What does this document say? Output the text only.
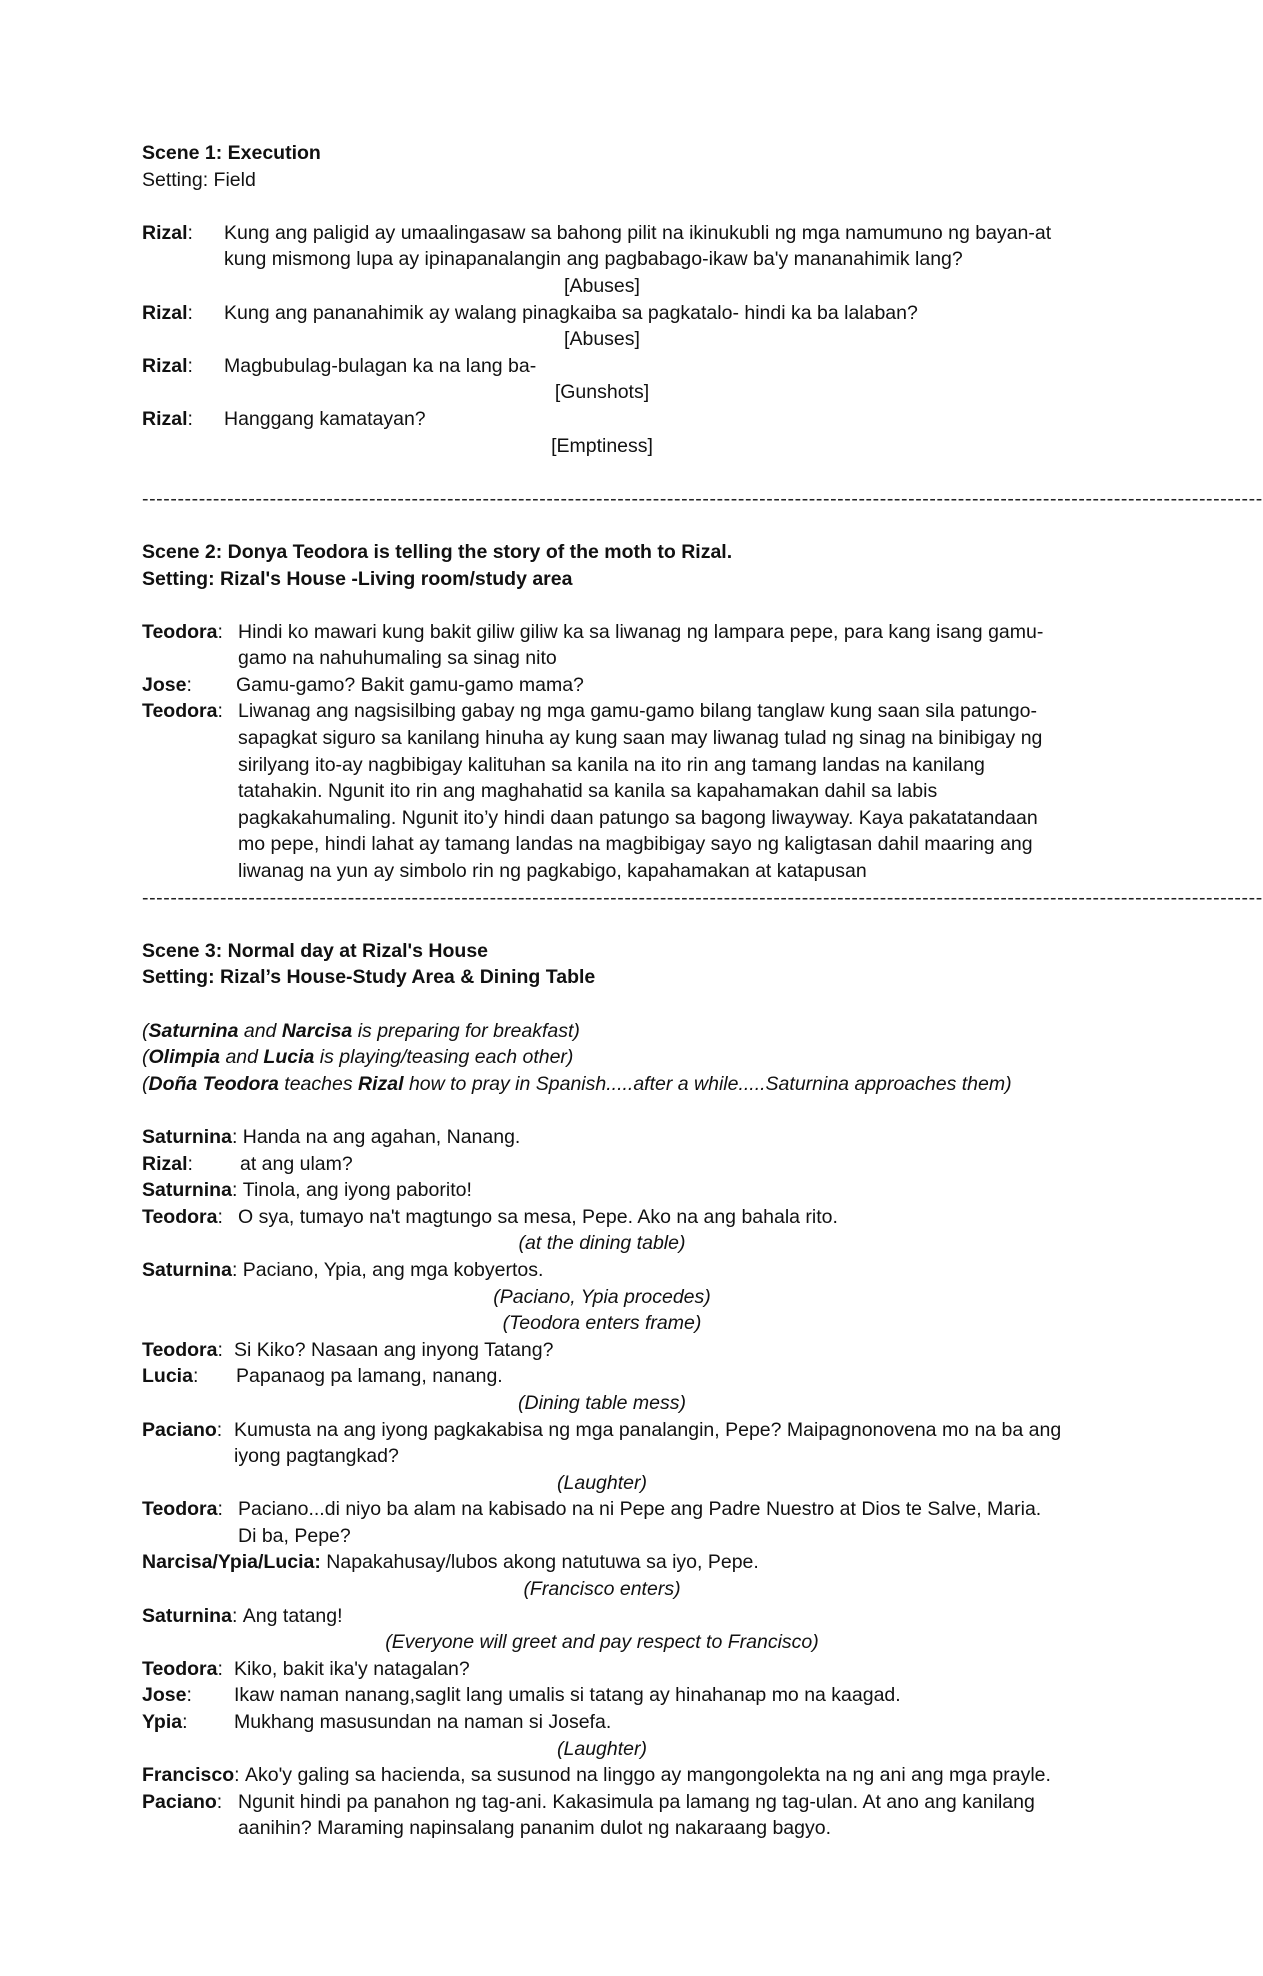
Scene 1: Execution
Setting: Field
Rizal:	Kung ang paligid ay umaalingasaw sa bahong pilit na ikinukubli ng mga namumuno ng bayan-at kung mismong lupa ay ipinapanalangin ang pagbabago-ikaw ba'y mananahimik lang?
[Abuses]
Rizal:	Kung ang pananahimik ay walang pinagkaiba sa pagkatalo- hindi ka ba lalaban?
[Abuses]
Rizal:	Magbubulag-bulagan ka na lang ba-
[Gunshots]
Rizal:	Hanggang kamatayan?
[Emptiness]
--------------------------------------------------------------------------------------------------------------------------------------------------------------
Scene 2: Donya Teodora is telling the story of the moth to Rizal.
Setting: Rizal's House -Living room/study area
Teodora: Hindi ko mawari kung bakit giliw giliw ka sa liwanag ng lampara pepe, para kang isang gamu-gamo na nahuhumaling sa sinag nito
Jose:	Gamu-gamo? Bakit gamu-gamo mama?
Teodora: Liwanag ang nagsisilbing gabay ng mga gamu-gamo bilang tanglaw kung saan sila patungo- sapagkat siguro sa kanilang hinuha ay kung saan may liwanag tulad ng sinag na binibigay ng sirilyang ito-ay nagbibigay kalituhan sa kanila na ito rin ang tamang landas na kanilang tatahakin. Ngunit ito rin ang maghahatid sa kanila sa kapahamakan dahil sa labis pagkakahumaling. Ngunit ito’y hindi daan patungo sa bagong liwayway. Kaya pakatatandaan mo pepe, hindi lahat ay tamang landas na magbibigay sayo ng kaligtasan dahil maaring ang liwanag na yun ay simbolo rin ng pagkabigo, kapahamakan at katapusan
--------------------------------------------------------------------------------------------------------------------------------------------------------------
Scene 3: Normal day at Rizal's House
Setting: Rizal’s House-Study Area & Dining Table
(Saturnina and Narcisa is preparing for breakfast)
(Olimpia and Lucia is playing/teasing each other)
(Doña Teodora teaches Rizal how to pray in Spanish.....after a while.....Saturnina approaches them)
Saturnina: Handa na ang agahan, Nanang.
Rizal:	at ang ulam?
Saturnina: Tinola, ang iyong paborito!
Teodora: O sya, tumayo na't magtungo sa mesa, Pepe. Ako na ang bahala rito.
(at the dining table)
Saturnina: Paciano, Ypia, ang mga kobyertos.
(Paciano, Ypia procedes)
(Teodora enters frame)
Teodora: Si Kiko? Nasaan ang inyong Tatang?
Lucia:	Papanaog pa lamang, nanang.
(Dining table mess)
Paciano: Kumusta na ang iyong pagkakabisa ng mga panalangin, Pepe? Maipagnonovena mo na ba ang iyong pagtangkad?
(Laughter)
Teodora: Paciano...di niyo ba alam na kabisado na ni Pepe ang Padre Nuestro at Dios te Salve, Maria. Di ba, Pepe?
Narcisa/Ypia/Lucia: Napakahusay/lubos akong natutuwa sa iyo, Pepe.
(Francisco enters)
Saturnina: Ang tatang!
(Everyone will greet and pay respect to Francisco)
Teodora: Kiko, bakit ika'y natagalan?
Jose:	Ikaw naman nanang,saglit lang umalis si tatang ay hinahanap mo na kaagad.
Ypia:	Mukhang masusundan na naman si Josefa.
(Laughter)
Francisco: Ako'y galing sa hacienda, sa susunod na linggo ay mangongolekta na ng ani ang mga prayle.
Paciano: Ngunit hindi pa panahon ng tag-ani. Kakasimula pa lamang ng tag-ulan. At ano ang kanilang aanihin? Maraming napinsalang pananim dulot ng nakaraang bagyo.
